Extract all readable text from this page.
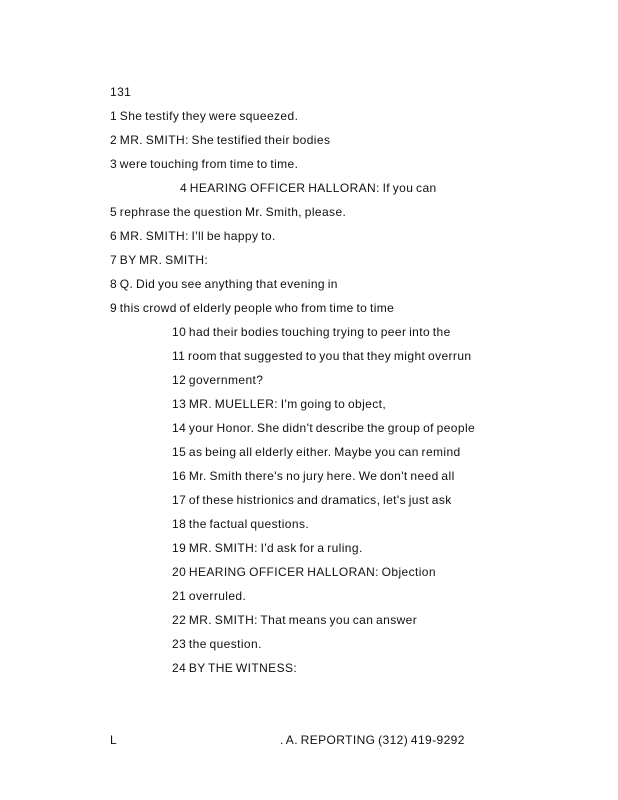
131
1 She testify they were squeezed.
2 MR. SMITH: She testified their bodies
3 were touching from time to time.
4 HEARING OFFICER HALLORAN: If you can
5 rephrase the question Mr. Smith, please.
6 MR. SMITH: I'll be happy to.
7 BY MR. SMITH:
8 Q. Did you see anything that evening in
9 this crowd of elderly people who from time to time
10 had their bodies touching trying to peer into the
11 room that suggested to you that they might overrun
12 government?
13 MR. MUELLER: I'm going to object,
14 your Honor. She didn't describe the group of people
15 as being all elderly either. Maybe you can remind
16 Mr. Smith there's no jury here. We don't need all
17 of these histrionics and dramatics, let's just ask
18 the factual questions.
19 MR. SMITH: I'd ask for a ruling.
20 HEARING OFFICER HALLORAN: Objection
21 overruled.
22 MR. SMITH: That means you can answer
23 the question.
24 BY THE WITNESS:
L	. A. REPORTING (312) 419-9292
